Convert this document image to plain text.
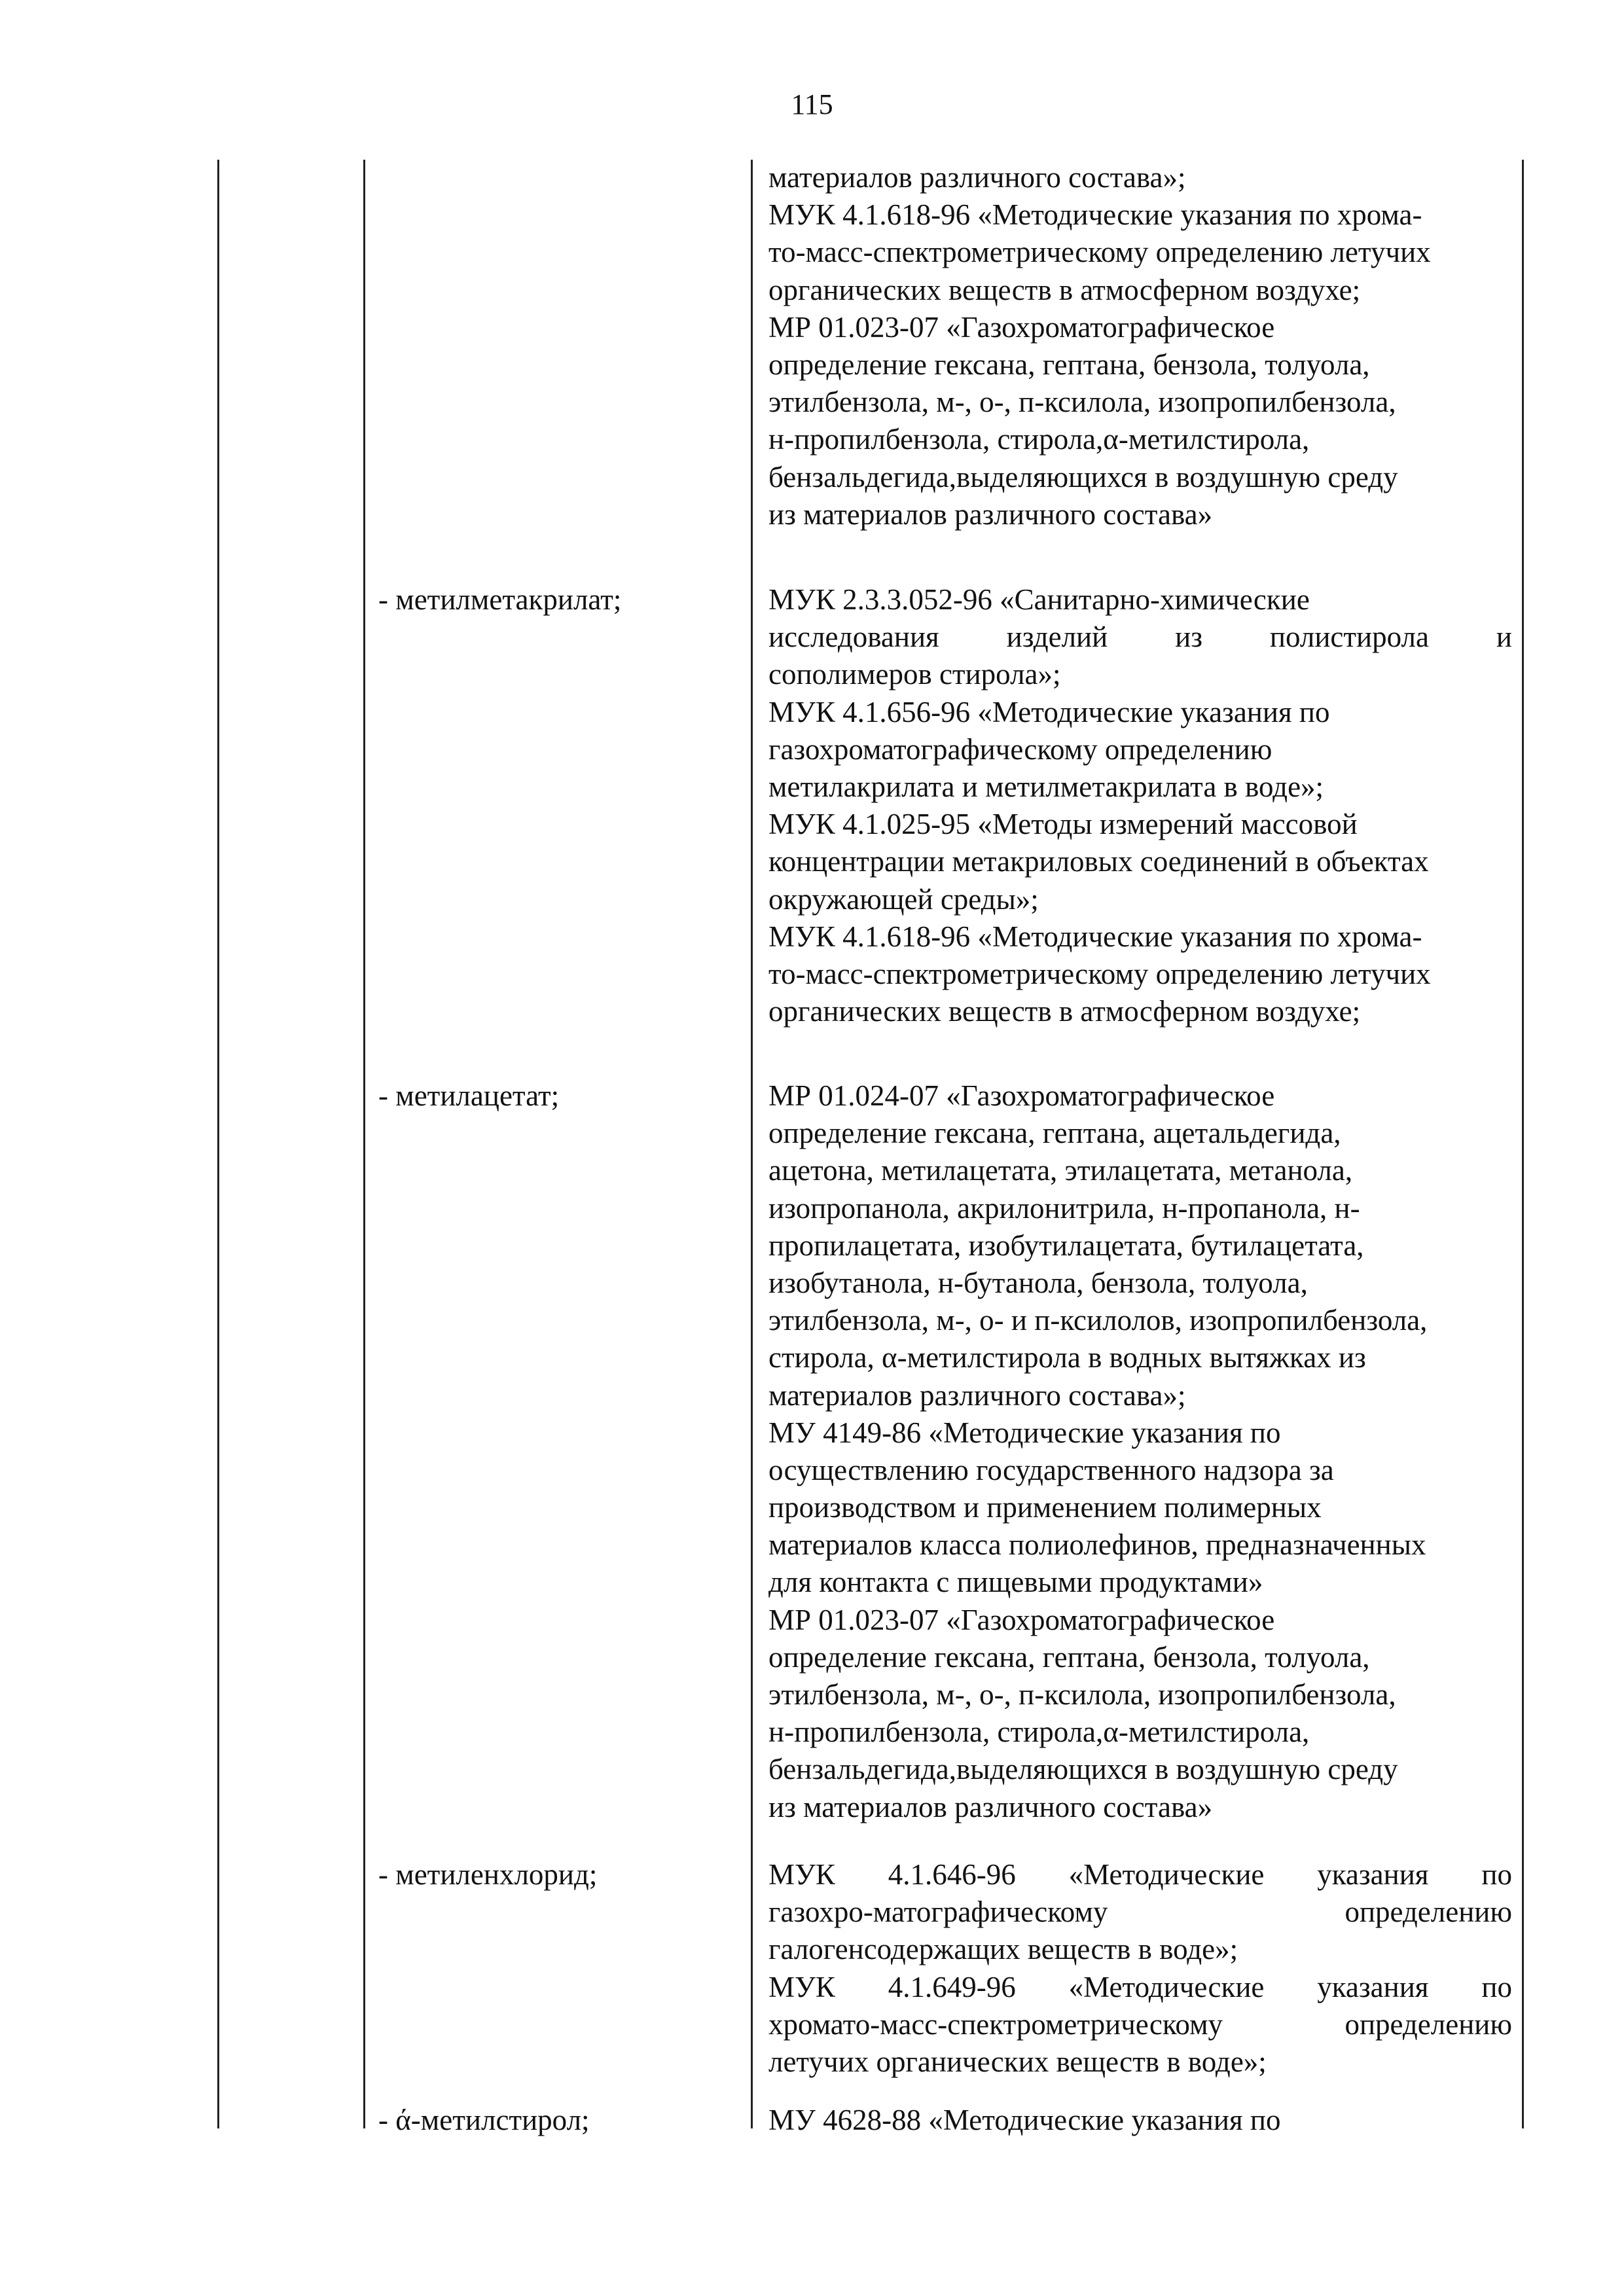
115
материалов различного состава»;
МУК 4.1.618-96 «Методические указания по хрома-
то-масс-спектрометрическому определению летучих
органических веществ в атмосферном воздухе;
МР 01.023-07 «Газохроматографическое
определение гексана, гептана, бензола, толуола,
этилбензола, м-, о-, п-ксилола, изопропилбензола,
н-пропилбензола, стирола,α-метилстирола,
бензальдегида,выделяющихся в воздушную среду
из материалов различного состава»
- метилметакрилат;	МУК 2.3.3.052-96 «Санитарно-химические
исследования изделий из полистирола и
сополимеров стирола»;
МУК 4.1.656-96 «Методические указания по
газохроматографическому определению
метилакрилата и метилметакрилата в воде»;
МУК 4.1.025-95 «Методы измерений массовой
концентрации метакриловых соединений в объектах
окружающей среды»;
МУК 4.1.618-96 «Методические указания по хрома-
то-масс-спектрометрическому определению летучих
органических веществ в атмосферном воздухе;
- метилацетат;	МР 01.024-07 «Газохроматографическое
определение гексана, гептана, ацетальдегида,
ацетона, метилацетата, этилацетата, метанола,
изопропанола, акрилонитрила, н-пропанола, н-
пропилацетата, изобутилацетата, бутилацетата,
изобутанола, н-бутанола, бензола, толуола,
этилбензола, м-, о- и п-ксилолов, изопропилбензола,
стирола, α-метилстирола в водных вытяжках из
материалов различного состава»;
МУ 4149-86 «Методические указания по
осуществлению государственного надзора за
производством и применением полимерных
материалов класса полиолефинов, предназначенных
для контакта с пищевыми продуктами»
МР 01.023-07 «Газохроматографическое
определение гексана, гептана, бензола, толуола,
этилбензола, м-, о-, п-ксилола, изопропилбензола,
н-пропилбензола, стирола,α-метилстирола,
бензальдегида,выделяющихся в воздушную среду
из материалов различного состава»
- метиленхлорид;	МУК 4.1.646-96 «Методические указания по
газохро-матографическому	определению
галогенсодержащих веществ в воде»;
МУК 4.1.649-96 «Методические указания по
хромато-масс-спектрометрическому	определению
летучих органических веществ в воде»;
- ά-метилстирол;	МУ 4628-88 «Методические указания по
